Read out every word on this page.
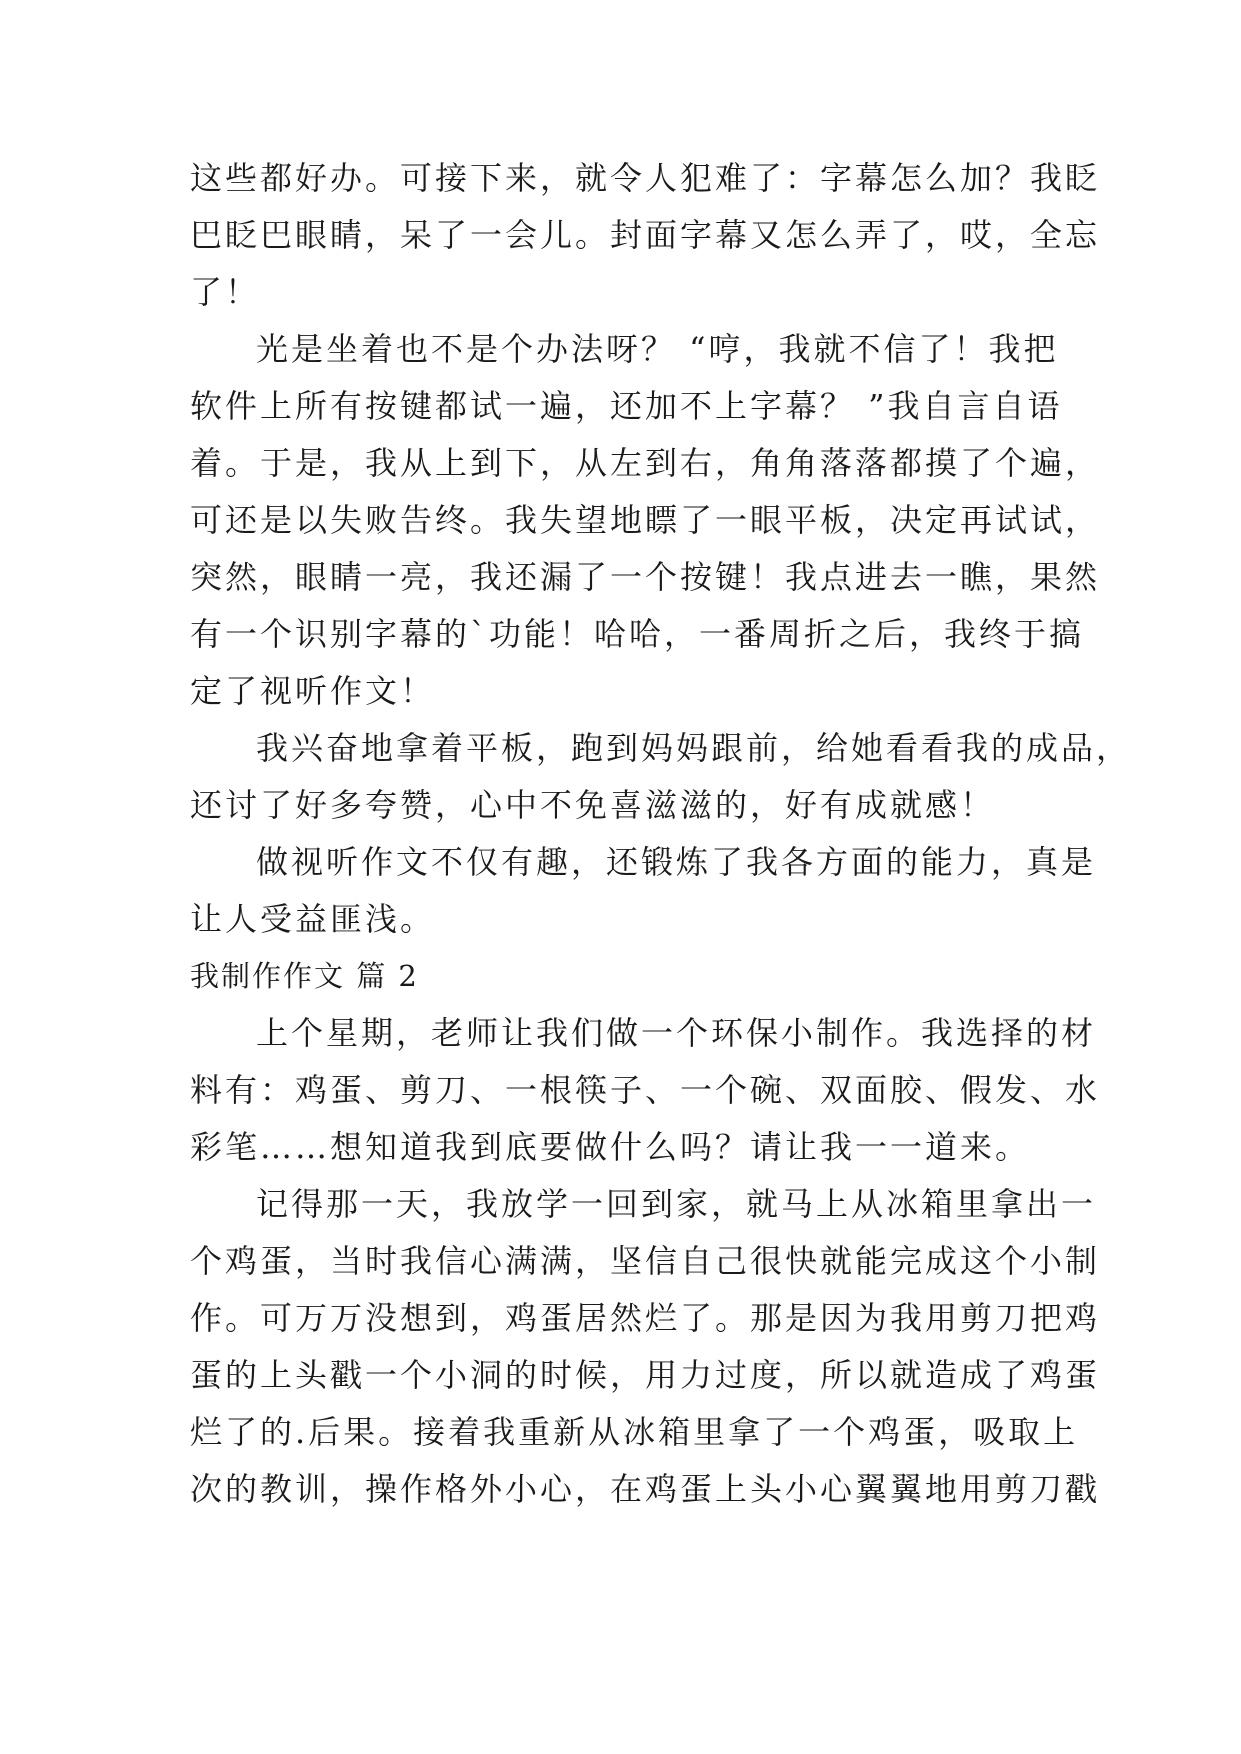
这些都好办。可接下来，就令人犯难了：字幕怎么加？我眨
巴眨巴眼睛，呆了一会儿。封面字幕又怎么弄了，哎，全忘
了！
光是坐着也不是个办法呀？ “哼，我就不信了！我把
软件上所有按键都试一遍，还加不上字幕？ ”我自言自语
着。于是，我从上到下，从左到右，角角落落都摸了个遍，
可还是以失败告终。我失望地瞟了一眼平板，决定再试试，
突然，眼睛一亮，我还漏了一个按键！我点进去一瞧，果然
有一个识别字幕的`功能！哈哈，一番周折之后，我终于搞
定了视听作文！
我兴奋地拿着平板，跑到妈妈跟前，给她看看我的成品，
还讨了好多夸赞，心中不免喜滋滋的，好有成就感！
做视听作文不仅有趣，还锻炼了我各方面的能力，真是
让人受益匪浅。
我制作作文 篇 2
上个星期，老师让我们做一个环保小制作。我选择的材
料有：鸡蛋、剪刀、一根筷子、一个碗、双面胶、假发、水
彩笔……想知道我到底要做什么吗？请让我一一道来。
记得那一天，我放学一回到家，就马上从冰箱里拿出一
个鸡蛋，当时我信心满满，坚信自己很快就能完成这个小制
作。可万万没想到，鸡蛋居然烂了。那是因为我用剪刀把鸡
蛋的上头戳一个小洞的时候，用力过度，所以就造成了鸡蛋
烂了的.后果。接着我重新从冰箱里拿了一个鸡蛋，吸取上
次的教训，操作格外小心，在鸡蛋上头小心翼翼地用剪刀戳
